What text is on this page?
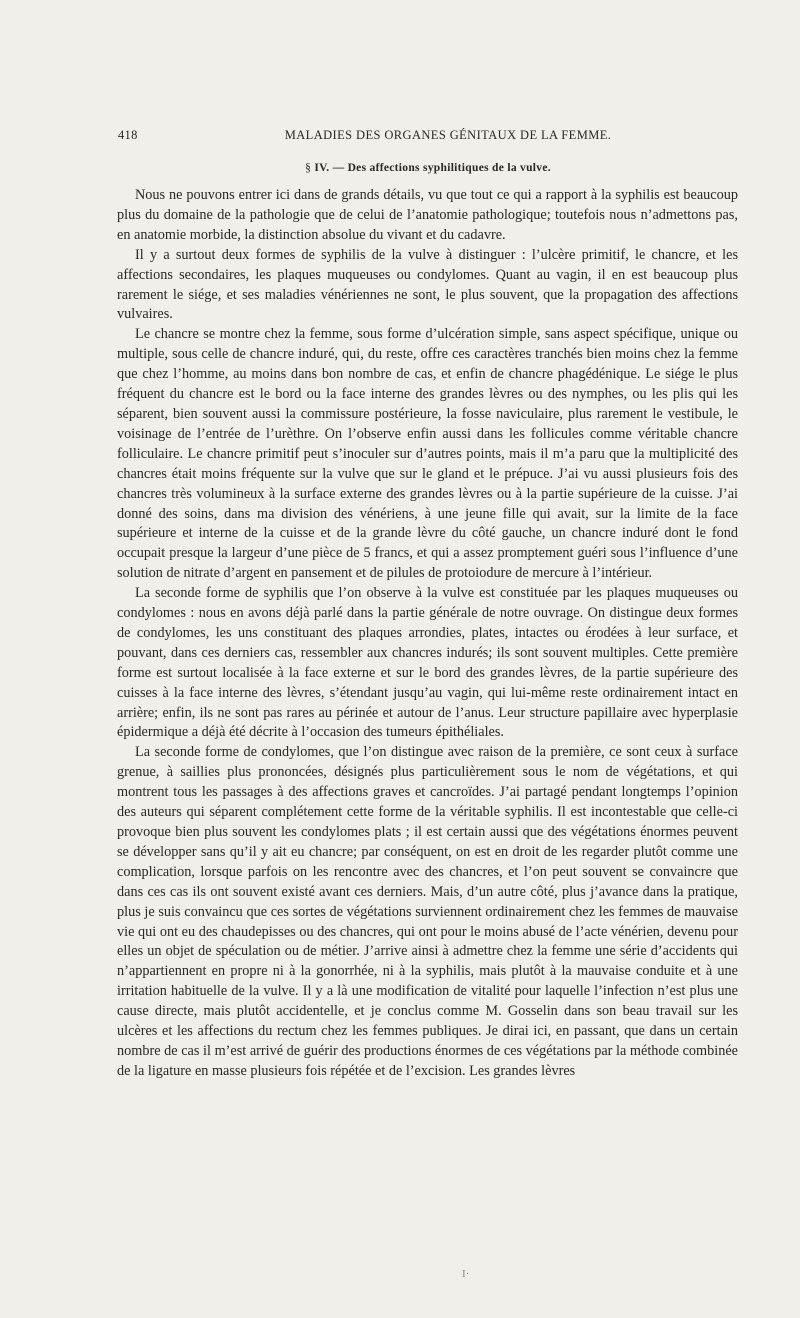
418	MALADIES DES ORGANES GÉNITAUX DE LA FEMME.
§ IV. — Des affections syphilitiques de la vulve.

Nous ne pouvons entrer ici dans de grands détails, vu que tout ce qui a rapport à la syphilis est beaucoup plus du domaine de la pathologie que de celui de l’anatomie pathologique; toutefois nous n’admettons pas, en anatomie morbide, la distinction absolue du vivant et du cadavre.

Il y a surtout deux formes de syphilis de la vulve à distinguer : l’ulcère primitif, le chancre, et les affections secondaires, les plaques muqueuses ou condylomes. Quant au vagin, il en est beaucoup plus rarement le siége, et ses maladies vénériennes ne sont, le plus souvent, que la propagation des affections vulvaires.

Le chancre se montre chez la femme, sous forme d’ulcération simple, sans aspect spécifique, unique ou multiple, sous celle de chancre induré, qui, du reste, offre ces caractères tranchés bien moins chez la femme que chez l’homme, au moins dans bon nombre de cas, et enfin de chancre phagédénique. Le siége le plus fréquent du chancre est le bord ou la face interne des grandes lèvres ou des nymphes, ou les plis qui les séparent, bien souvent aussi la commissure postérieure, la fosse naviculaire, plus rarement le vestibule, le voisinage de l’entrée de l’urèthre. On l’observe enfin aussi dans les follicules comme véritable chancre folliculaire. Le chancre primitif peut s’inoculer sur d’autres points, mais il m’a paru que la multiplicité des chancres était moins fréquente sur la vulve que sur le gland et le prépuce. J’ai vu aussi plusieurs fois des chancres très volumineux à la surface externe des grandes lèvres ou à la partie supérieure de la cuisse. J’ai donné des soins, dans ma division des vénériens, à une jeune fille qui avait, sur la limite de la face supérieure et interne de la cuisse et de la grande lèvre du côté gauche, un chancre induré dont le fond occupait presque la largeur d’une pièce de 5 francs, et qui a assez promptement guéri sous l’influence d’une solution de nitrate d’argent en pansement et de pilules de protoiodure de mercure à l’intérieur.

La seconde forme de syphilis que l’on observe à la vulve est constituée par les plaques muqueuses ou condylomes : nous en avons déjà parlé dans la partie générale de notre ouvrage. On distingue deux formes de condylomes, les uns constituant des plaques arrondies, plates, intactes ou érodées à leur surface, et pouvant, dans ces derniers cas, ressembler aux chancres indurés; ils sont souvent multiples. Cette première forme est surtout localisée à la face externe et sur le bord des grandes lèvres, de la partie supérieure des cuisses à la face interne des lèvres, s’étendant jusqu’au vagin, qui lui-même reste ordinairement intact en arrière; enfin, ils ne sont pas rares au périnée et autour de l’anus. Leur structure papillaire avec hyperplasie épidermique a déjà été décrite à l’occasion des tumeurs épithéliales.

La seconde forme de condylomes, que l’on distingue avec raison de la première, ce sont ceux à surface grenue, à saillies plus prononcées, désignés plus particulièrement sous le nom de végétations, et qui montrent tous les passages à des affections graves et cancroïdes. J’ai partagé pendant longtemps l’opinion des auteurs qui séparent complétement cette forme de la véritable syphilis. Il est incontestable que celle-ci provoque bien plus souvent les condylomes plats ; il est certain aussi que des végétations énormes peuvent se développer sans qu’il y ait eu chancre; par conséquent, on est en droit de les regarder plutôt comme une complication, lorsque parfois on les rencontre avec des chancres, et l’on peut souvent se convaincre que dans ces cas ils ont souvent existé avant ces derniers. Mais, d’un autre côté, plus j’avance dans la pratique, plus je suis convaincu que ces sortes de végétations surviennent ordinairement chez les femmes de mauvaise vie qui ont eu des chaudepisses ou des chancres, qui ont pour le moins abusé de l’acte vénérien, devenu pour elles un objet de spéculation ou de métier. J’arrive ainsi à admettre chez la femme une série d’accidents qui n’appartiennent en propre ni à la gonorrhée, ni à la syphilis, mais plutôt à la mauvaise conduite et à une irritation habituelle de la vulve. Il y a là une modification de vitalité pour laquelle l’infection n’est plus une cause directe, mais plutôt accidentelle, et je conclus comme M. Gosselin dans son beau travail sur les ulcères et les affections du rectum chez les femmes publiques. Je dirai ici, en passant, que dans un certain nombre de cas il m’est arrivé de guérir des productions énormes de ces végétations par la méthode combinée de la ligature en masse plusieurs fois répétée et de l’excision. Les grandes lèvres

I·
